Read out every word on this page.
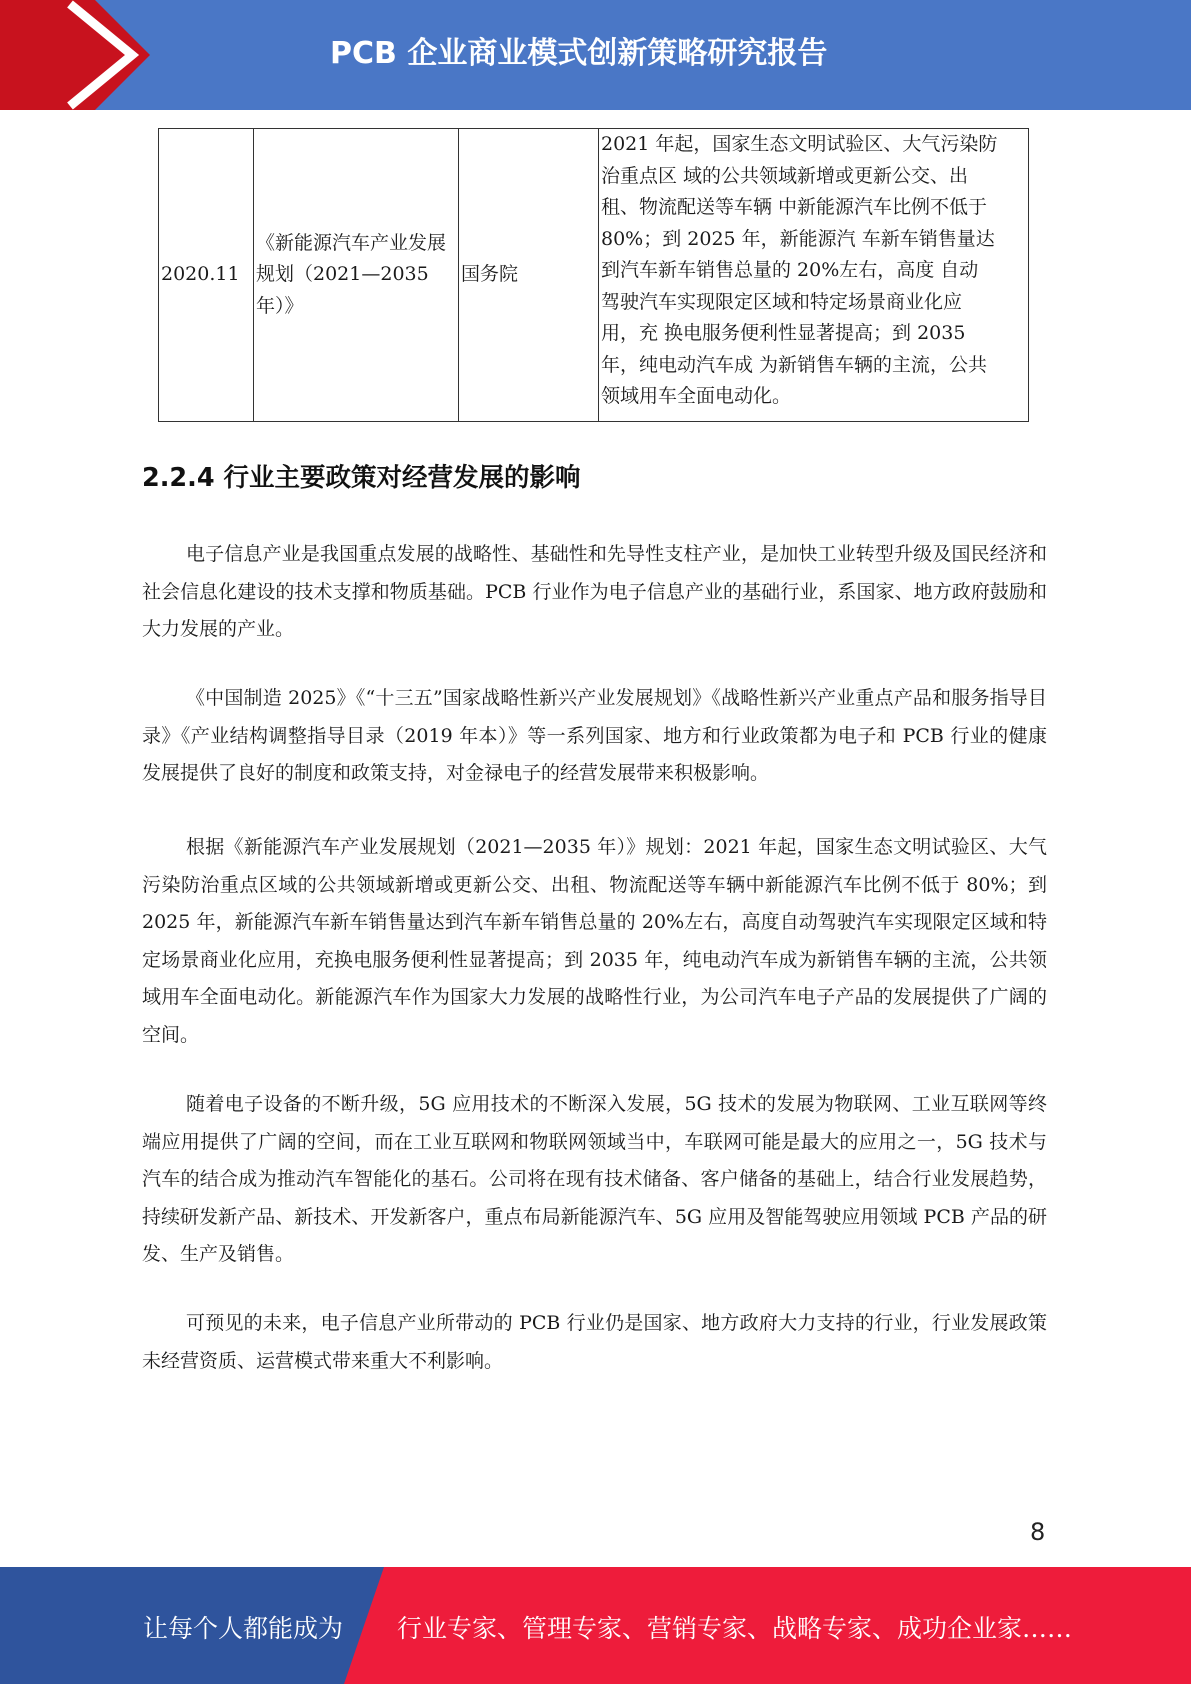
PCB 企业商业模式创新策略研究报告
2020.11	《新能源汽车产业发展规划（2021—2035 年）》	国务院	
2021 年起，国家生态文明试验区、大气污染防
治重点区 域的公共领域新增或更新公交、出
租、物流配送等车辆 中新能源汽车比例不低于
80%；到 2025 年，新能源汽 车新车销售量达
到汽车新车销售总量的 20%左右，高度 自动
驾驶汽车实现限定区域和特定场景商业化应
用，充 换电服务便利性显著提高；到 2035
年，纯电动汽车成 为新销售车辆的主流，公共
领域用车全面电动化。
2.2.4 行业主要政策对经营发展的影响

电子信息产业是我国重点发展的战略性、基础性和先导性支柱产业，是加快工业转型升级及国民经济和社会信息化建设的技术支撑和物质基础。PCB 行业作为电子信息产业的基础行业，系国家、地方政府鼓励和大力发展的产业。

《中国制造 2025》《“十三五”国家战略性新兴产业发展规划》《战略性新兴产业重点产品和服务指导目录》《产业结构调整指导目录（2019 年本）》等一系列国家、地方和行业政策都为电子和 PCB 行业的健康发展提供了良好的制度和政策支持，对金禄电子的经营发展带来积极影响。

根据《新能源汽车产业发展规划（2021—2035 年）》规划：2021 年起，国家生态文明试验区、大气污染防治重点区域的公共领域新增或更新公交、出租、物流配送等车辆中新能源汽车比例不低于 80%；到 2025 年，新能源汽车新车销售量达到汽车新车销售总量的 20%左右，高度自动驾驶汽车实现限定区域和特定场景商业化应用，充换电服务便利性显著提高；到 2035 年，纯电动汽车成为新销售车辆的主流，公共领域用车全面电动化。新能源汽车作为国家大力发展的战略性行业，为公司汽车电子产品的发展提供了广阔的空间。

随着电子设备的不断升级，5G 应用技术的不断深入发展，5G 技术的发展为物联网、工业互联网等终端应用提供了广阔的空间，而在工业互联网和物联网领域当中，车联网可能是最大的应用之一，5G 技术与汽车的结合成为推动汽车智能化的基石。公司将在现有技术储备、客户储备的基础上，结合行业发展趋势，持续研发新产品、新技术、开发新客户，重点布局新能源汽车、5G 应用及智能驾驶应用领域 PCB 产品的研发、生产及销售。

可预见的未来，电子信息产业所带动的 PCB 行业仍是国家、地方政府大力支持的行业，行业发展政策未经营资质、运营模式带来重大不利影响。

8
让每个人都能成为 行业专家、管理专家、营销专家、战略专家、成功企业家……
